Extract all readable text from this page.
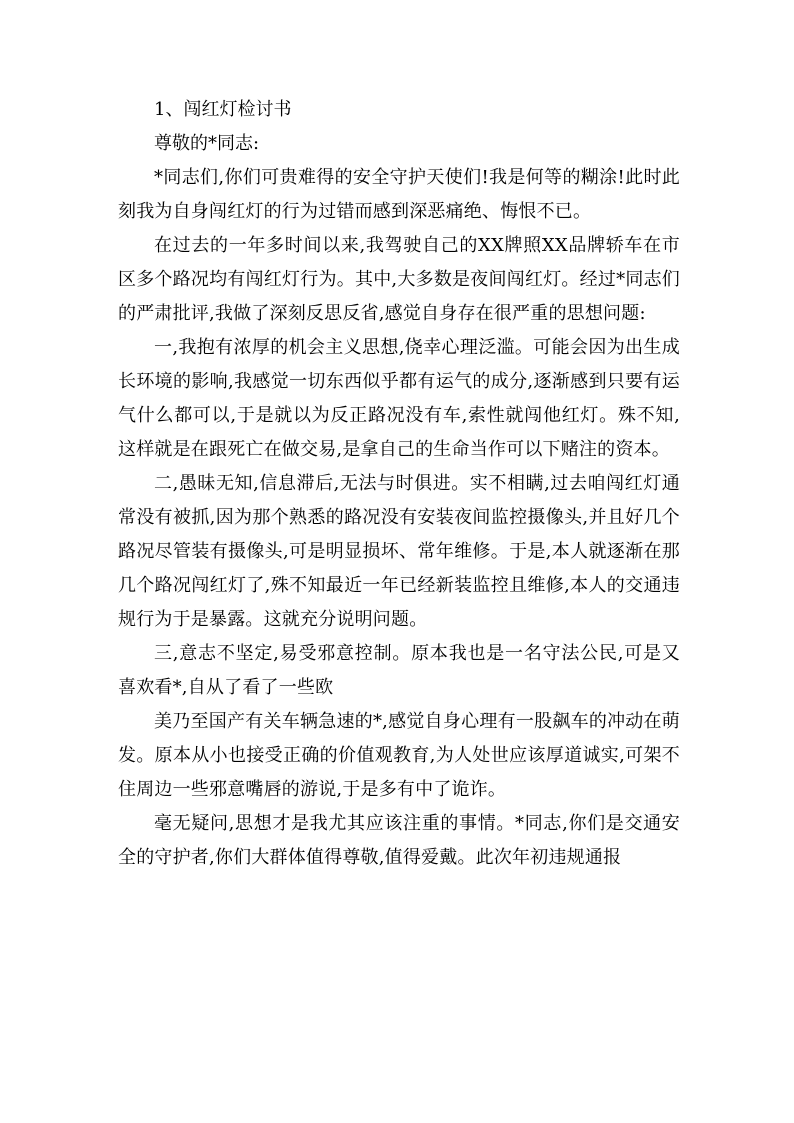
1、闯红灯检讨书

尊敬的*同志:

*同志们,你们可贵难得的安全守护天使们!我是何等的糊涂!此时此刻我为自身闯红灯的行为过错而感到深恶痛绝、悔恨不已。

在过去的一年多时间以来,我驾驶自己的XX牌照XX品牌轿车在市区多个路况均有闯红灯行为。其中,大多数是夜间闯红灯。经过*同志们的严肃批评,我做了深刻反思反省,感觉自身存在很严重的思想问题:

一,我抱有浓厚的机会主义思想,侥幸心理泛滥。可能会因为出生成长环境的影响,我感觉一切东西似乎都有运气的成分,逐渐感到只要有运气什么都可以,于是就以为反正路况没有车,索性就闯他红灯。殊不知,这样就是在跟死亡在做交易,是拿自己的生命当作可以下赌注的资本。

二,愚昧无知,信息滞后,无法与时俱进。实不相瞒,过去咱闯红灯通常没有被抓,因为那个熟悉的路况没有安装夜间监控摄像头,并且好几个路况尽管装有摄像头,可是明显损坏、常年维修。于是,本人就逐渐在那几个路况闯红灯了,殊不知最近一年已经新装监控且维修,本人的交通违规行为于是暴露。这就充分说明问题。

三,意志不坚定,易受邪意控制。原本我也是一名守法公民,可是又喜欢看*,自从了看了一些欧

美乃至国产有关车辆急速的*,感觉自身心理有一股飙车的冲动在萌发。原本从小也接受正确的价值观教育,为人处世应该厚道诚实,可架不住周边一些邪意嘴唇的游说,于是多有中了诡诈。

毫无疑问,思想才是我尤其应该注重的事情。*同志,你们是交通安全的守护者,你们大群体值得尊敬,值得爱戴。此次年初违规通报
